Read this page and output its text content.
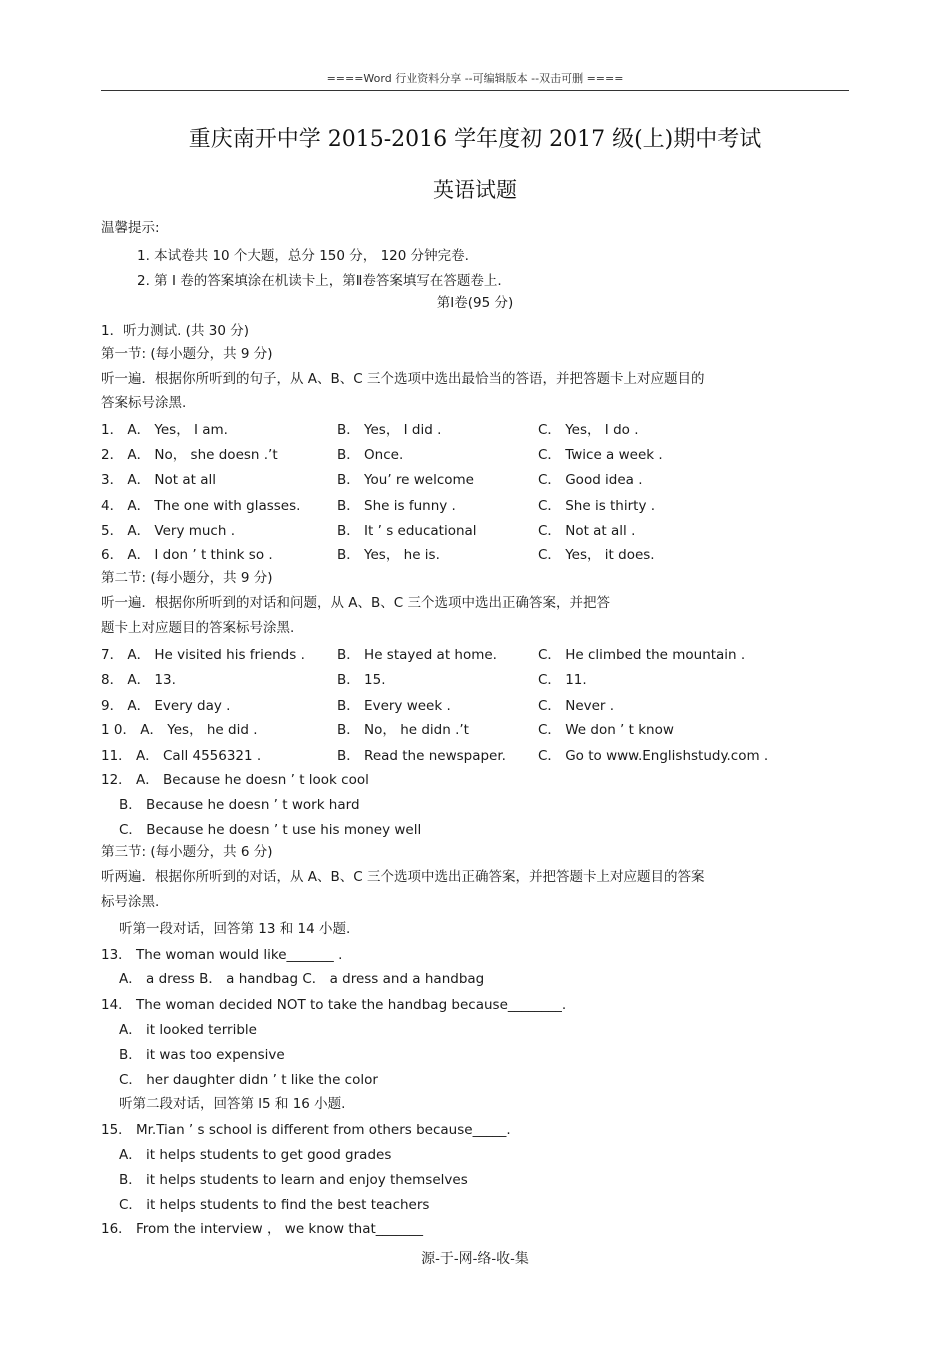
====Word 行业资料分享 --可编辑版本 --双击可删 ====
重庆南开中学 2015-2016 学年度初 2017 级(上)期中考试
英语试题
温馨提示:
1. 本试卷共 10 个大题，总分 150 分， 120 分钟完卷.
2. 第 Ⅰ 卷的答案填涂在机读卡上，第Ⅱ卷答案填写在答题卷上.
第Ⅰ卷(95 分)
1．听力测试. (共 30 分)
第一节: (每小题分，共 9 分)
听一遍．根据你所听到的句子，从 A、B、C 三个选项中选出最恰当的答语，并把答题卡上对应题目的
答案标号涂黑.
1． A． Yes， I am.	B． Yes， I did .	C． Yes， I do .
2． A． No， she doesn .’t	B． Once.	C． Twice a week .
3． A． Not at all	B． You’ re welcome	C． Good idea .
4． A． The one with glasses.	B． She is funny .	C． She is thirty .
5． A． Very much .	B． It ’ s educational	C． Not at all .
6． A． I don ’ t think so .	B． Yes， he is.	C． Yes， it does.
第二节: (每小题分，共 9 分)
听一遍．根据你所听到的对话和问题，从 A、B、C 三个选项中选出正确答案，并把答
题卡上对应题目的答案标号涂黑.
7． A． He visited his friends . B． He stayed at home.	C． He climbed the mountain .
8． A． 13.	B． 15.	C． 11.
9． A． Every day .	B． Every week .	C． Never .
1 0． A． Yes， he did .	B． No， he didn .’t	C． We don ’ t know
11． A． Call 4556321 .	B． Read the newspaper. C． Go to www.Englishstudy.com .
12． A． Because he doesn ’ t look cool
B． Because he doesn ’ t work hard
C． Because he doesn ’ t use his money well
第三节: (每小题分，共 6 分)
听两遍．根据你所听到的对话，从 A、B、C 三个选项中选出正确答案，并把答题卡上对应题目的答案
标号涂黑.
听第一段对话，回答第 13 和 14 小题.
13． The woman would like_______ .
A． a dress B． a handbag C． a dress and a handbag
14． The woman decided NOT to take the handbag because________.
A． it looked terrible
B． it was too expensive
C． her daughter didn ’ t like the color
听第二段对话，回答第 l5 和 16 小题.
15． Mr.Tian ’ s school is different from others because_____.
A． it helps students to get good grades
B． it helps students to learn and enjoy themselves
C． it helps students to find the best teachers
16． From the interview ， we know that_______
源-于-网-络-收-集
